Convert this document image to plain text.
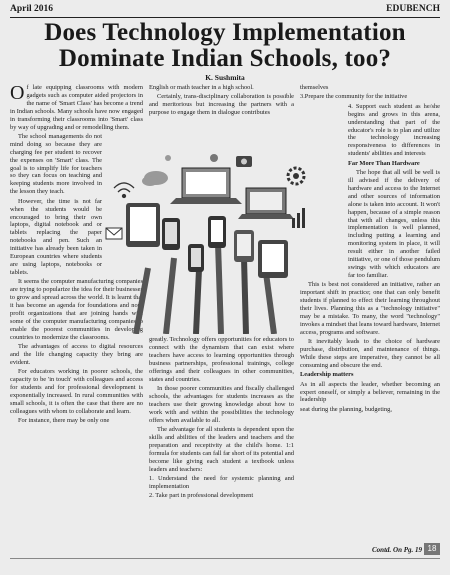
April 2016	EDUBENCH
Does Technology Implementation
Dominate Indian Schools, too?
K. Sushmita

Of late equipping classrooms with modern gadgets such as computer aided projectors in the name of 'Smart Class' has become a trend in Indian schools. Many schools have now engaged in transforming their classrooms into 'Smart' class by way of upgrading and or remodelling them.

The school managements do not mind doing so because they are charging fee per student to recover the expenses on 'Smart' class. The goal is to simplify life for teachers so they can focus on teaching and keeping students more involved in the lesson they teach.

However, the time is not far when the students would be encouraged to bring their own laptops, digital notebook and or tablets replacing the paper notebooks and pen. Such an initiative has already been taken in European countries where students are using laptops, notebooks or tablets.

It seems the computer manufacturing companies are trying to popularize the idea for their businesses to grow and spread across the world. It is learnt that it has become an agenda for foundations and non-profit organizations that are joining hands with some of the computer manufacturing companies to enable the poorest communities in developing countries to modernize the classrooms.

The advantages of access to digital resources and the life changing capacity they bring are evident.

For educators working in poorer schools, the capacity to be 'in touch' with colleagues and access for students and for professional development is exponentially increased. In rural communities with small schools, it is often the case that there are no colleagues with whom to collaborate and learn.

For instance, there may be only one

English or math teacher in a high school.

Certainly, trans-disciplinary collaboration is possible and meritorious but increasing the partners with a purpose to engage them in dialogue contributes

greatly. Technology offers opportunities for educators to connect with the dynamism that can exist where teachers have access to learning opportunities through business partnerships, professional trainings, college offerings and their colleagues in other communities, states and countries.

In those poorer communities and fiscally challenged schools, the advantages for students increases as the teachers use their growing knowledge about how to work with and within the possibilities the technology offers when available to all.

The advantage for all students is dependent upon the skills and abilities of the leaders and teachers and the preparation and receptivity at the child's home. 1:1 formula for students can fall far short of its potential and become like giving each student a textbook unless leaders and teachers:

1. Understand the need for systemic planning and implementation

2. Take part in professional development

themselves

3.Prepare the community for the initiative

4. Support each student as he/she begins and grows in this arena, understanding that part of the educator's role is to plan and utilize the technology increasing responsiveness to differences in students' abilities and interests

Far More Than Hardware

The hope that all will be well is ill advised if the delivery of hardware and access to the Internet and other sources of information alone is taken into account. It won't happen, because of a simple reason that with all changes, unless this implementation is well planned, including putting a learning and monitoring system in place, it will result either in another failed initiative, or one of those pendulum swings with which educators are far too familiar.

This is best not considered an initiative, rather an important shift in practice; one that can only benefit students if planned to effect their learning throughout their lives. Planning this as a "technology initiative" may be a mistake. To many, the word "technology" invokes a mindset that leans toward hardware, Internet access, programs and software.

It inevitably leads to the choice of hardware purchase, distribution, and maintenance of things. While these steps are imperative, they cannot be all consuming and obscure the end.

Leadership matters

As in all aspects the leader, whether becoming an expert oneself, or simply a believer, remaining in the leadership

seat during the planning, budgeting,

Contd. On Pg. 19 18
